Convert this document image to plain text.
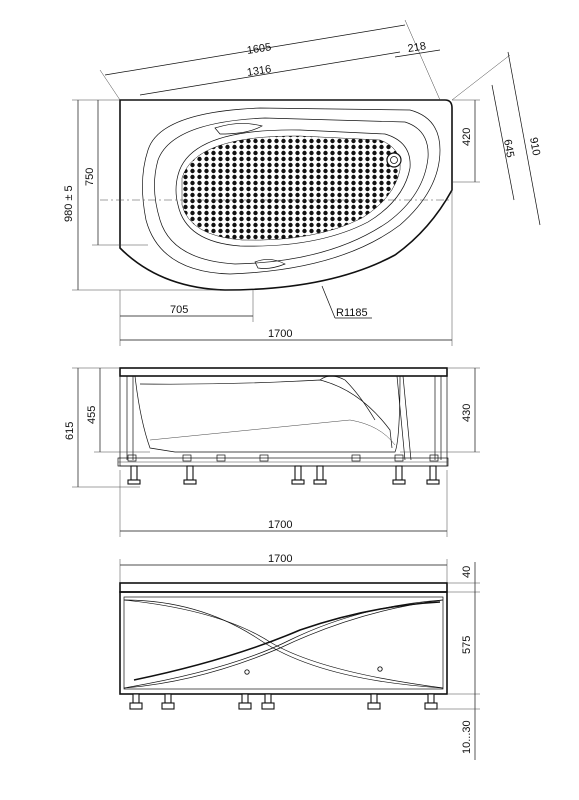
1605
1316
218
910
645
420
980 ± 5
750
705
1700
R1185
615
455	430
1700
1700
40
575
10...30
